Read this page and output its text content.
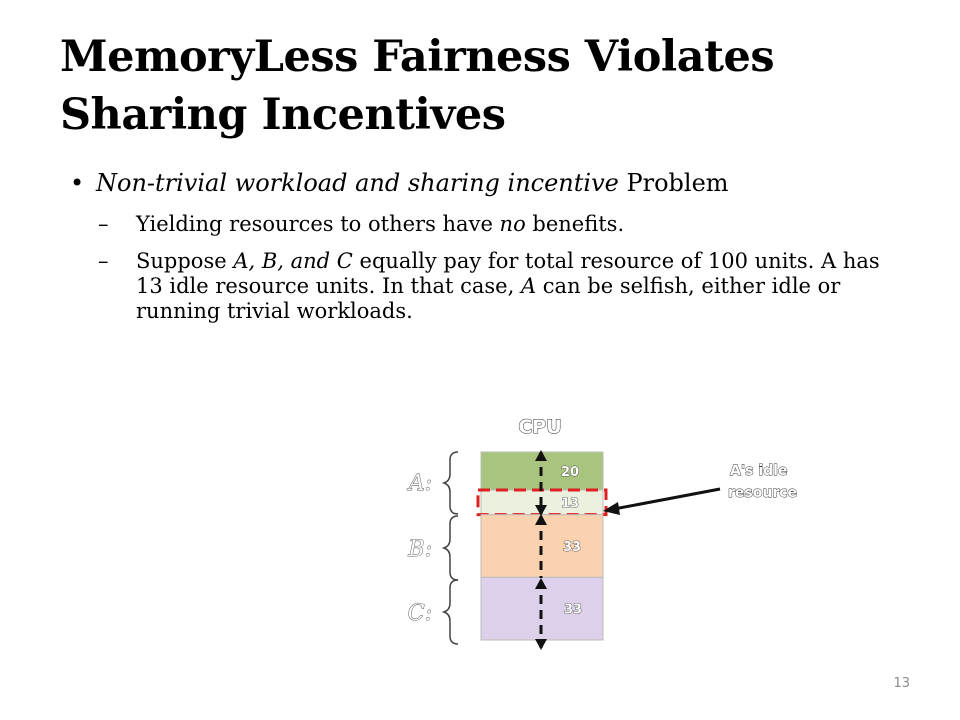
MemoryLess Fairness Violates Sharing Incentives
• Non-trivial workload and sharing incentive Problem
– Yielding resources to others have no benefits.
– Suppose A, B, and C equally pay for total resource of 100 units. A has 13 idle resource units. In that case, A can be selfish, either idle or running trivial workloads.
CPU
20
13
33
33
A:
B:
C:
A's idle resource
13
